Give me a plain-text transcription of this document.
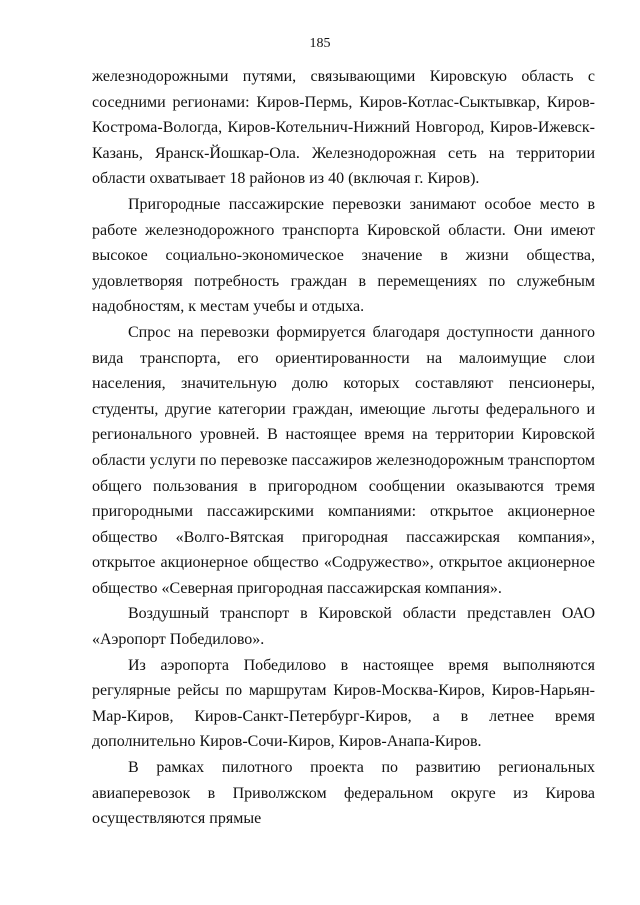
185

железнодорожными путями, связывающими Кировскую область с соседними регионами: Киров-Пермь, Киров-Котлас-Сыктывкар, Киров-Кострома-Вологда, Киров-Котельнич-Нижний Новгород, Киров-Ижевск-Казань, Яранск-Йошкар-Ола. Железнодорожная сеть на территории области охватывает 18 районов из 40 (включая г. Киров).

Пригородные пассажирские перевозки занимают особое место в работе железнодорожного транспорта Кировской области. Они имеют высокое социально-экономическое значение в жизни общества, удовлетворяя потребность граждан в перемещениях по служебным надобностям, к местам учебы и отдыха.

Спрос на перевозки формируется благодаря доступности данного вида транспорта, его ориентированности на малоимущие слои населения, значительную долю которых составляют пенсионеры, студенты, другие категории граждан, имеющие льготы федерального и регионального уровней. В настоящее время на территории Кировской области услуги по перевозке пассажиров железнодорожным транспортом общего пользования в пригородном сообщении оказываются тремя пригородными пассажирскими компаниями: открытое акционерное общество «Волго-Вятская пригородная пассажирская компания», открытое акционерное общество «Содружество», открытое акционерное общество «Северная пригородная пассажирская компания».

Воздушный транспорт в Кировской области представлен ОАО «Аэропорт Победилово».

Из аэропорта Победилово в настоящее время выполняются регулярные рейсы по маршрутам Киров-Москва-Киров, Киров-Нарьян-Мар-Киров, Киров-Санкт-Петербург-Киров, а в летнее время дополнительно Киров-Сочи-Киров, Киров-Анапа-Киров.

В рамках пилотного проекта по развитию региональных авиаперевозок в Приволжском федеральном округе из Кирова осуществляются прямые
